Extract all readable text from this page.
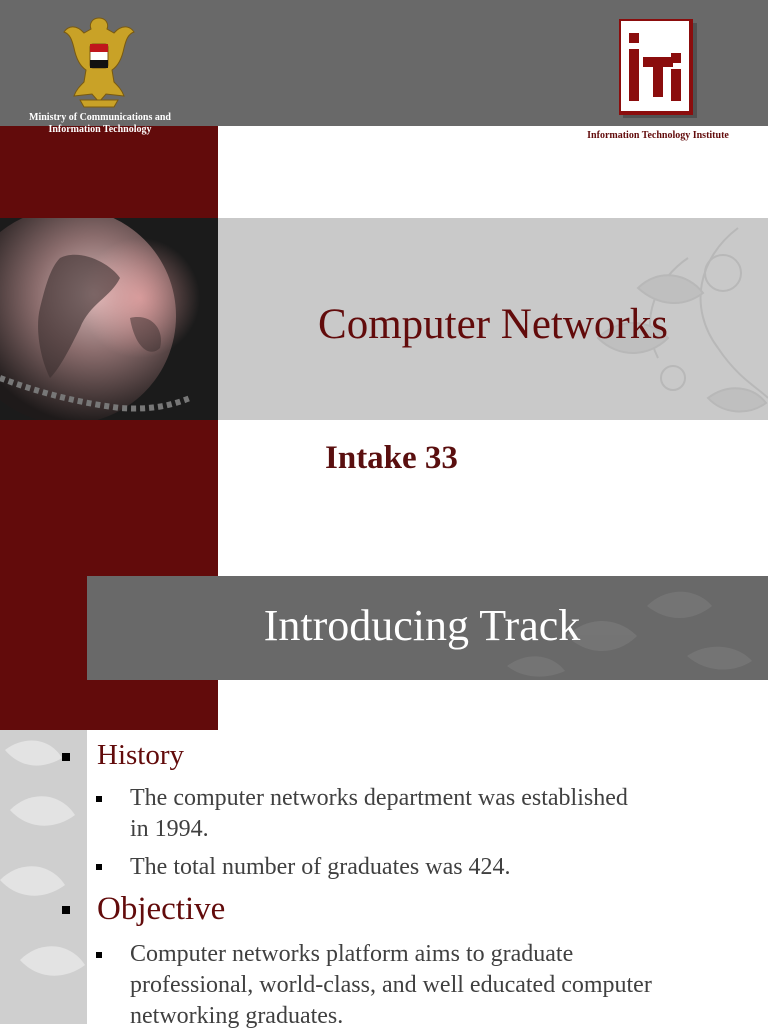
Ministry of Communications and
Information Technology
Information Technology Institute
Computer Networks
Intake 33
Introducing Track
History
The computer networks department was established
in 1994.
The total number of graduates was 424.
Objective
Computer networks platform aims to graduate
professional, world-class, and well educated computer
networking graduates.
